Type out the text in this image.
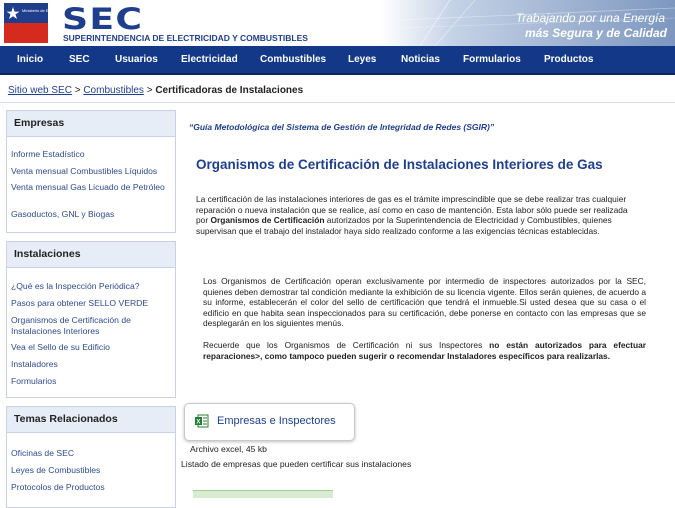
Ministerio de Energía SEC
SUPERINTENDENCIA DE ELECTRICIDAD Y COMBUSTIBLES
Trabajando por una Energía
más Segura y de Calidad
Inicio	SEC	Usuarios Electricidad Combustibles Leyes Noticias Formularios Productos
Sitio web SEC > Combustibles > Certificadoras de Instalaciones
Empresas
Informe Estadístico
Venta mensual Combustibles Líquidos
Venta mensual Gas Licuado de Petróleo
Gasoductos, GNL y Biogas
Instalaciones
¿Qué es la Inspección Periódica?
Pasos para obtener SELLO VERDE
Organismos de Certificación de Instalaciones Interiores
Vea el Sello de su Edificio
Instaladores
Formularios
Temas Relacionados
Oficinas de SEC
Leyes de Combustibles
Protocolos de Productos
“Guía Metodológica del Sistema de Gestión de Integridad de Redes (SGIR)”
Organismos de Certificación de Instalaciones Interiores de Gas
La certificación de las instalaciones interiores de gas es el trámite imprescindible que se debe realizar tras cualquier reparación o nueva instalación que se realice, así como en caso de mantención. Esta labor sólo puede ser realizada por Organismos de Certificación autorizados por la Superintendencia de Electricidad y Combustibles, quienes supervisan que el trabajo del instalador haya sido realizado conforme a las exigencias técnicas establecidas.
Los Organismos de Certificación operan exclusivamente por intermedio de inspectores autorizados por la SEC, quienes deben demostrar tal condición mediante la exhibición de su licencia vigente. Ellos serán quienes, de acuerdo a su informe, establecerán el color del sello de certificación que tendrá el inmueble.Si usted desea que su casa o el edificio en que habita sean inspeccionados para su certificación, debe ponerse en contacto con las empresas que se desplegarán en los siguientes menús.
Recuerde que los Organismos de Certificación ni sus Inspectores no están autorizados para efectuar reparaciones>, como tampoco pueden sugerir o recomendar Instaladores específicos para realizarlas.
X Empresas e Inspectores
Archivo excel, 45 kb
Listado de empresas que pueden certificar sus instalaciones
